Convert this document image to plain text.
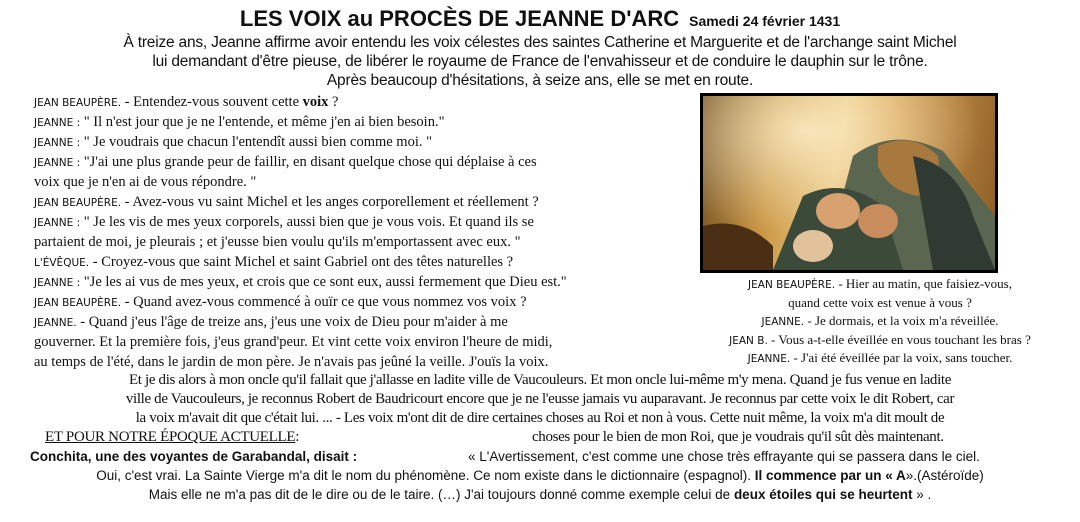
LES VOIX au PROCÈS DE JEANNE D'ARC Samedi 24 février 1431
À treize ans, Jeanne affirme avoir entendu les voix célestes des saintes Catherine et Marguerite et de l'archange saint Michel
lui demandant d'être pieuse, de libérer le royaume de France de l'envahisseur et de conduire le dauphin sur le trône.
Après beaucoup d'hésitations, à seize ans, elle se met en route.
JEAN BEAUPÈRE. - Entendez-vous souvent cette voix ?
JEANNE : " Il n'est jour que je ne l'entende, et même j'en ai bien besoin."
JEANNE : " Je voudrais que chacun l'entendît aussi bien comme moi. "
JEANNE : "J'ai une plus grande peur de faillir, en disant quelque chose qui déplaise à ces
voix que je n'en ai de vous répondre. "
JEAN BEAUPÈRE. - Avez-vous vu saint Michel et les anges corporellement et réellement ?
JEANNE : " Je les vis de mes yeux corporels, aussi bien que je vous vois. Et quand ils se
partaient de moi, je pleurais ; et j'eusse bien voulu qu'ils m'emportassent avec eux. "
L'ÉVÊQUE. - Croyez-vous que saint Michel et saint Gabriel ont des têtes naturelles ?
JEANNE : "Je les ai vus de mes yeux, et crois que ce sont eux, aussi fermement que Dieu est."
JEAN BEAUPÈRE. - Quand avez-vous commencé à ouïr ce que vous nommez vos voix ?
JEANNE. - Quand j'eus l'âge de treize ans, j'eus une voix de Dieu pour m'aider à me
gouverner. Et la première fois, j'eus grand'peur. Et vint cette voix environ l'heure de midi,
au temps de l'été, dans le jardin de mon père. Je n'avais pas jeûné la veille. J'ouïs la voix.
JEAN BEAUPÈRE. - Hier au matin, que faisiez-vous,
quand cette voix est venue à vous ?
JEANNE. - Je dormais, et la voix m'a réveillée.
JEAN B. - Vous a-t-elle éveillée en vous touchant les bras ?
JEANNE. - J'ai été éveillée par la voix, sans toucher.
Et je dis alors à mon oncle qu'il fallait que j'allasse en ladite ville de Vaucouleurs. Et mon oncle lui-même m'y mena. Quand je fus venue en ladite
ville de Vaucouleurs, je reconnus Robert de Baudricourt encore que je ne l'eusse jamais vu auparavant. Je reconnus par cette voix le dit Robert, car
la voix m'avait dit que c'était lui. ... - Les voix m'ont dit de dire certaines choses au Roi et non à vous. Cette nuit même, la voix m'a dit moult de
ET POUR NOTRE ÉPOQUE ACTUELLE:	choses pour le bien de mon Roi, que je voudrais qu'il sût dès maintenant.
Conchita, une des voyantes de Garabandal, disait :	« L'Avertissement, c'est comme une chose très effrayante qui se passera dans le ciel.
Oui, c'est vrai. La Sainte Vierge m'a dit le nom du phénomène. Ce nom existe dans le dictionnaire (espagnol). Il commence par un « A».(Astéroïde)
Mais elle ne m'a pas dit de le dire ou de le taire. (…) J'ai toujours donné comme exemple celui de deux étoiles qui se heurtent » .
